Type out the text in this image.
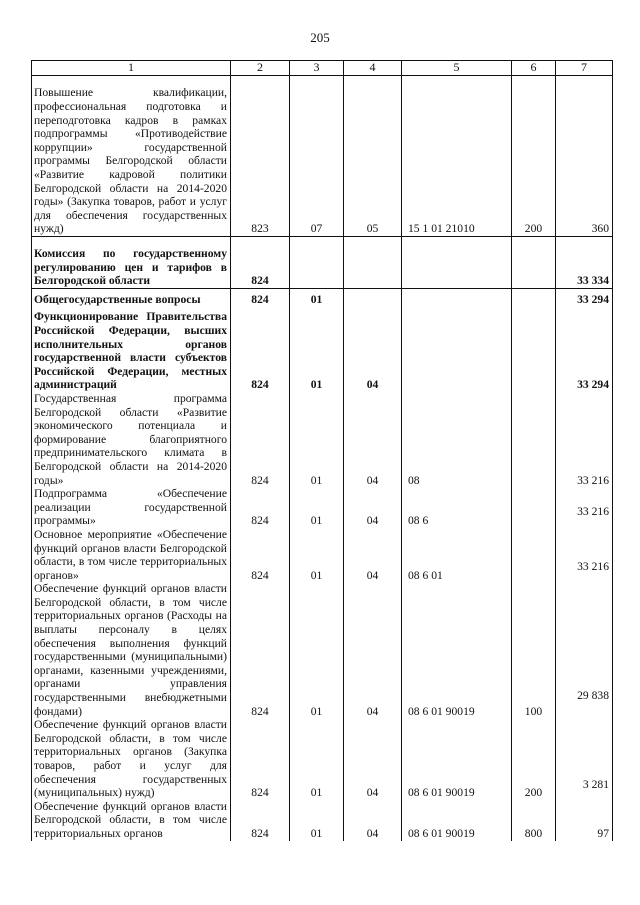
205
1	2	3	4	5	6	7
Повышение квалификации, профессиональная подготовка и переподготовка кадров в рамках подпрограммы «Противодействие коррупции» государственной программы Белгородской области «Развитие кадровой политики Белгородской области на 2014-2020 годы» (Закупка товаров, работ и услуг для обеспечения государственных нужд)	823	07	05	15 1 01 21010	200	360

Комиссия по государственному регулированию цен и тарифов в Белгородской области	824					33 334
Общегосударственные вопросы	824	01				33 294
Функционирование Правительства Российской Федерации, высших исполнительных органов государственной власти субъектов Российской Федерации, местных администраций	824	01	04			33 294
Государственная программа Белгородской области «Развитие экономического потенциала и формирование благоприятного предпринимательского климата в Белгородской области на 2014-2020 годы»	824	01	04	08		33 216
Подпрограмма «Обеспечение реализации государственной программы»	824	01	04	08 6		33 216
Основное мероприятие «Обеспечение функций органов власти Белгородской области, в том числе территориальных органов»	824	01	04	08 6 01		33 216
Обеспечение функций органов власти Белгородской области, в том числе территориальных органов (Расходы на выплаты персоналу в целях обеспечения выполнения функций государственными (муниципальными) органами, казенными учреждениями, органами управления государственными внебюджетными фондами)	824	01	04	08 6 01 90019	100	29 838
Обеспечение функций органов власти Белгородской области, в том числе территориальных органов (Закупка товаров, работ и услуг для обеспечения государственных (муниципальных) нужд)	824	01	04	08 6 01 90019	200	3 281
Обеспечение функций органов власти Белгородской области, в том числе территориальных органов	824	01	04	08 6 01 90019	800	97
